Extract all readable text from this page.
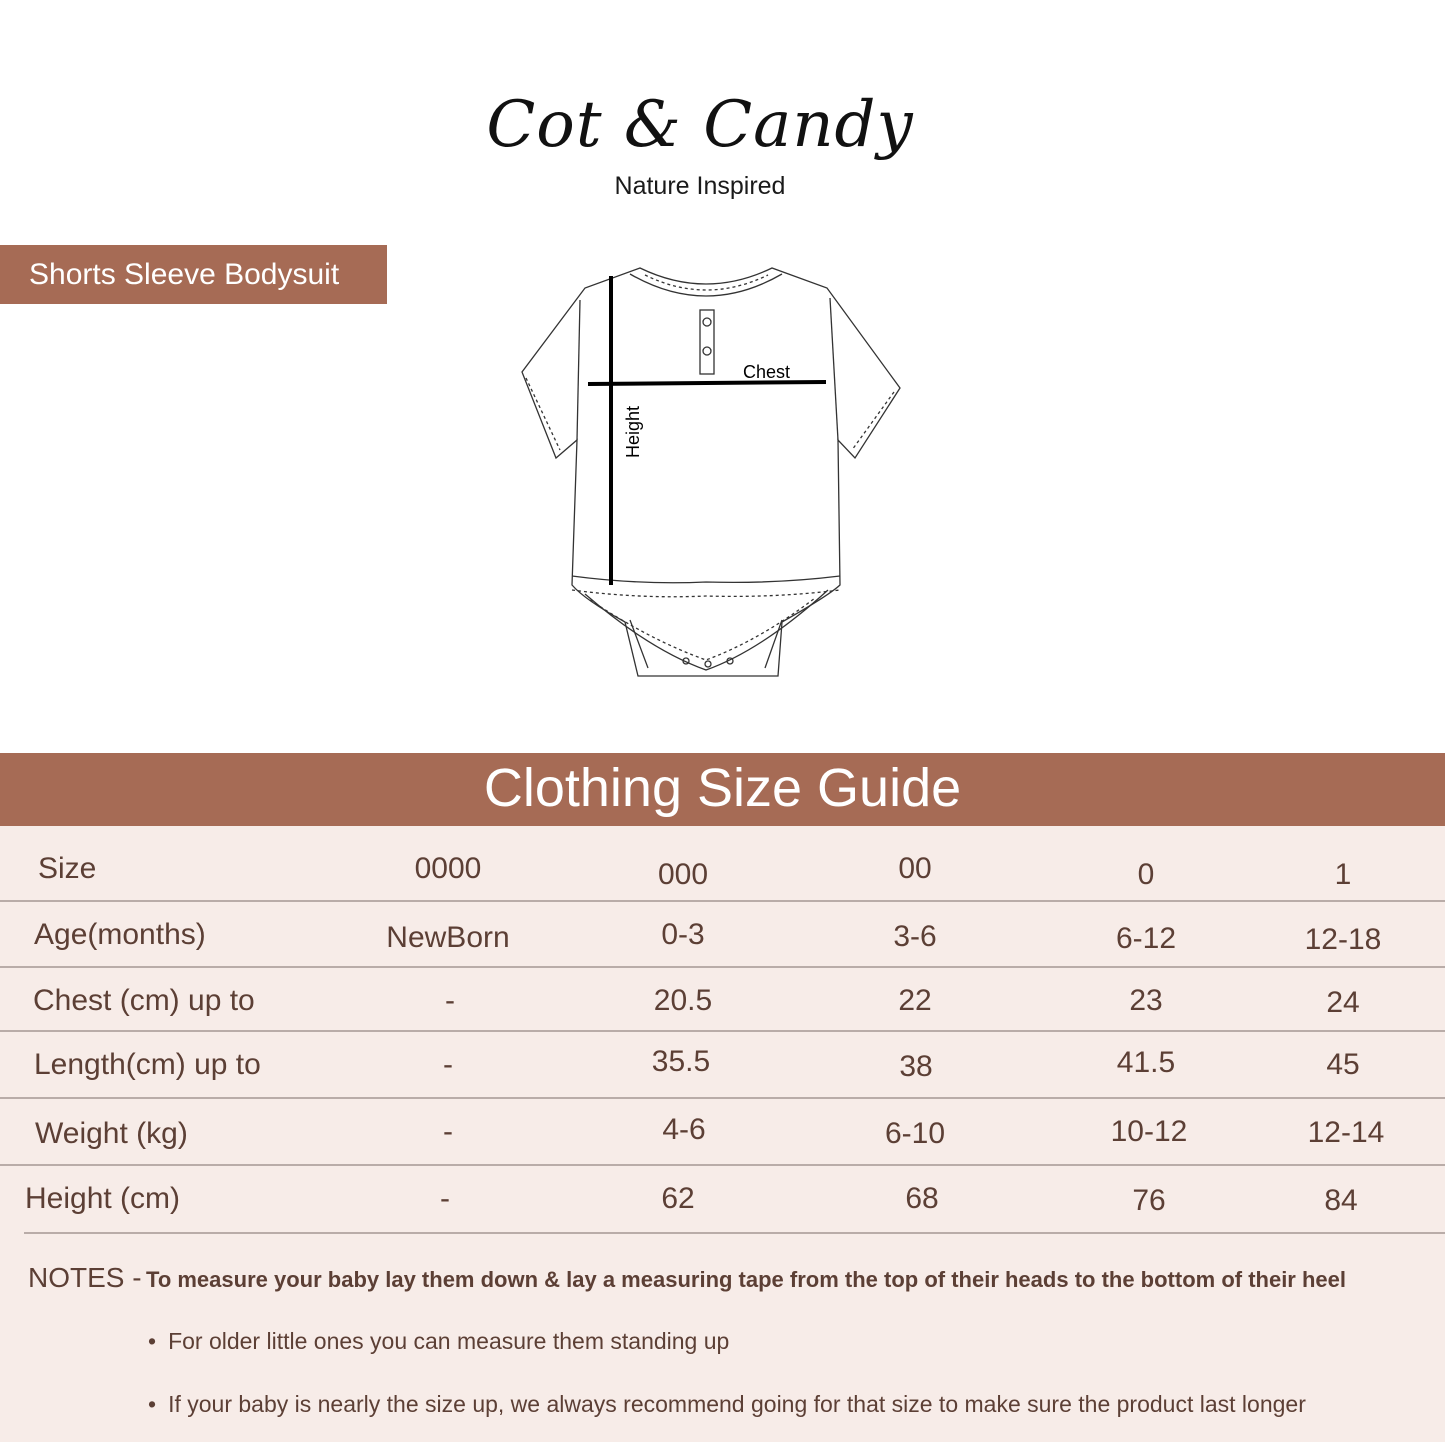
Cot & Candy
Nature Inspired
Shorts Sleeve Bodysuit
Chest
Height
Clothing Size Guide
Size	0000	000	00	0	1
Age(months)	NewBorn	0-3	3-6	6-12	12-18
Chest (cm) up to	-	20.5	22	23	24
Length(cm) up to	-	35.5	38	41.5	45
Weight (kg)	-	4-6	6-10	10-12	12-14
Height (cm)	-	62	68	76	84
NOTES - To measure your baby lay them down & lay a measuring tape from the top of their heads to the bottom of their heel
• For older little ones you can measure them standing up
• If your baby is nearly the size up, we always recommend going for that size to make sure the product last longer
